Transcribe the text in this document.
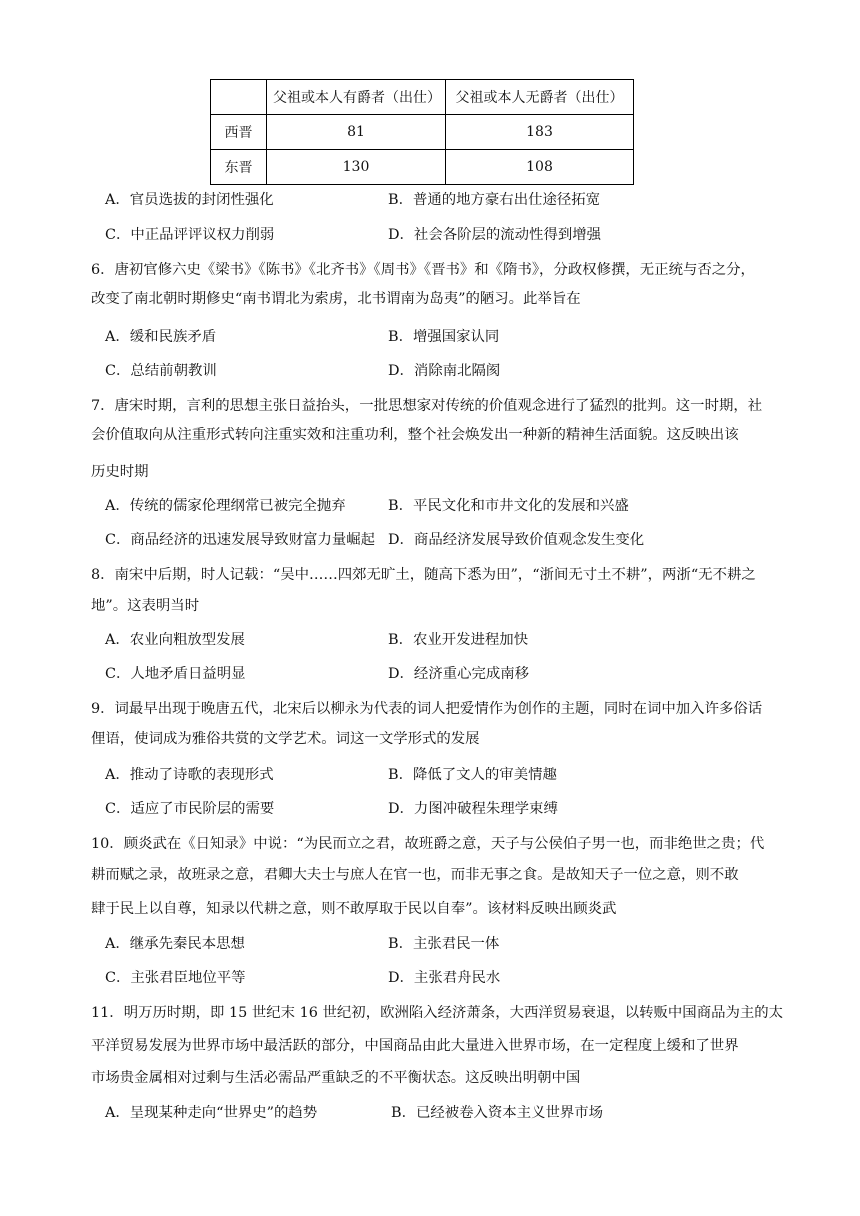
	父祖或本人有爵者（出仕）	父祖或本人无爵者（出仕）
西晋	81	183
东晋	130	108
A．官员选拔的封闭性强化	B．普通的地方豪右出仕途径拓宽
C．中正品评评议权力削弱	D．社会各阶层的流动性得到增强
6．唐初官修六史《梁书》《陈书》《北齐书》《周书》《晋书》和《隋书》，分政权修撰，无正统与否之分，
改变了南北朝时期修史“南书谓北为索虏，北书谓南为岛夷”的陋习。此举旨在
A．缓和民族矛盾	B．增强国家认同
C．总结前朝教训	D．消除南北隔阂
7．唐宋时期，言利的思想主张日益抬头，一批思想家对传统的价值观念进行了猛烈的批判。这一时期，社
会价值取向从注重形式转向注重实效和注重功利，整个社会焕发出一种新的精神生活面貌。这反映出该
历史时期
A．传统的儒家伦理纲常已被完全抛弃	B．平民文化和市井文化的发展和兴盛
C．商品经济的迅速发展导致财富力量崛起 D．商品经济发展导致价值观念发生变化
8．南宋中后期，时人记载：“吴中……四郊无旷土，随高下悉为田”，“浙间无寸土不耕”，两浙“无不耕之
地”。这表明当时
A．农业向粗放型发展	B．农业开发进程加快
C．人地矛盾日益明显	D．经济重心完成南移
9．词最早出现于晚唐五代，北宋后以柳永为代表的词人把爱情作为创作的主题，同时在词中加入许多俗话
俚语，使词成为雅俗共赏的文学艺术。词这一文学形式的发展
A．推动了诗歌的表现形式	B．降低了文人的审美情趣
C．适应了市民阶层的需要	D．力图冲破程朱理学束缚
10．顾炎武在《日知录》中说：“为民而立之君，故班爵之意，天子与公侯伯子男一也，而非绝世之贵；代
耕而赋之录，故班录之意，君卿大夫士与庶人在官一也，而非无事之食。是故知天子一位之意，则不敢
肆于民上以自尊，知录以代耕之意，则不敢厚取于民以自奉”。该材料反映出顾炎武
A．继承先秦民本思想	B．主张君民一体
C．主张君臣地位平等	D．主张君舟民水
11．明万历时期，即 15 世纪末 16 世纪初，欧洲陷入经济萧条，大西洋贸易衰退，以转贩中国商品为主的太
平洋贸易发展为世界市场中最活跃的部分，中国商品由此大量进入世界市场，在一定程度上缓和了世界
市场贵金属相对过剩与生活必需品严重缺乏的不平衡状态。这反映出明朝中国
A．呈现某种走向“世界史”的趋势	B．已经被卷入资本主义世界市场
